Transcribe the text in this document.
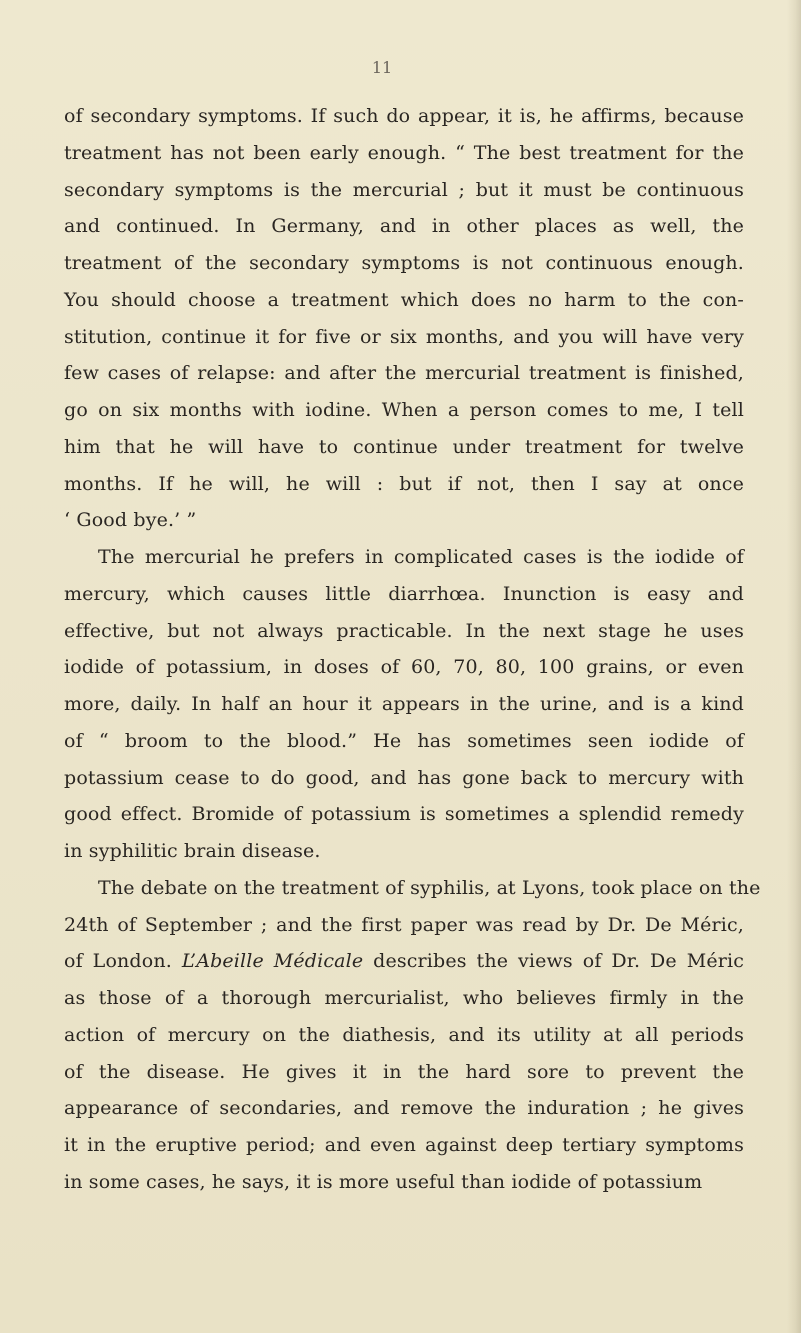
11
of secondary symptoms. If such do appear, it is, he affirms, because
treatment has not been early enough. “ The best treatment for the
secondary symptoms is the mercurial ; but it must be continuous
and continued. In Germany, and in other places as well, the
treatment of the secondary symptoms is not continuous enough.
You should choose a treatment which does no harm to the con-
stitution, continue it for five or six months, and you will have very
few cases of relapse: and after the mercurial treatment is finished,
go on six months with iodine. When a person comes to me, I tell
him that he will have to continue under treatment for twelve
months. If he will, he will : but if not, then I say at once
‘ Good bye.’ ”
The mercurial he prefers in complicated cases is the iodide of
mercury, which causes little diarrhœa. Inunction is easy and
effective, but not always practicable. In the next stage he uses
iodide of potassium, in doses of 60, 70, 80, 100 grains, or even
more, daily. In half an hour it appears in the urine, and is a kind
of “ broom to the blood.” He has sometimes seen iodide of
potassium cease to do good, and has gone back to mercury with
good effect. Bromide of potassium is sometimes a splendid remedy
in syphilitic brain disease.
The debate on the treatment of syphilis, at Lyons, took place on the
24th of September ; and the first paper was read by Dr. De Méric,
of London. L’Abeille Médicale describes the views of Dr. De Méric
as those of a thorough mercurialist, who believes firmly in the
action of mercury on the diathesis, and its utility at all periods
of the disease. He gives it in the hard sore to prevent the
appearance of secondaries, and remove the induration ; he gives
it in the eruptive period; and even against deep tertiary symptoms
in some cases, he says, it is more useful than iodide of potassium
